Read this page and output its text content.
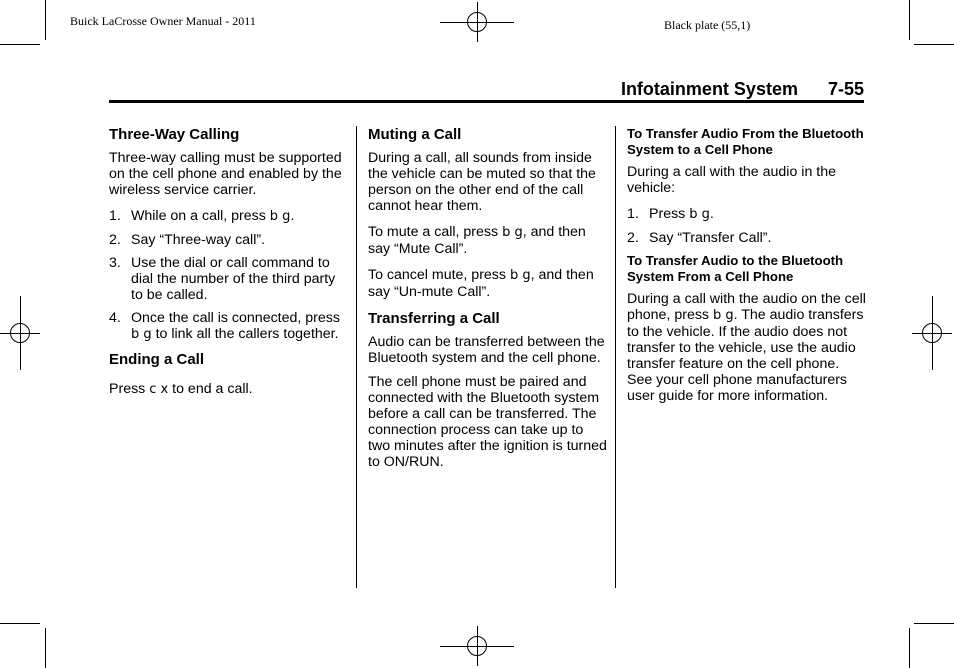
Buick LaCrosse Owner Manual - 2011	Black plate (55,1)
Infotainment System 7-55
Three-Way Calling

Three-way calling must be supported on the cell phone and enabled by the wireless service carrier.

1. While on a call, press b g.
2. Say “Three-way call”.
3. Use the dial or call command to dial the number of the third party to be called.
4. Once the call is connected, press b g to link all the callers together.
Ending a Call

Press c x to end a call.

Muting a Call

During a call, all sounds from inside the vehicle can be muted so that the person on the other end of the call cannot hear them.

To mute a call, press b g, and then say “Mute Call”.

To cancel mute, press b g, and then say “Un-mute Call”.

Transferring a Call

Audio can be transferred between the Bluetooth system and the cell phone.

The cell phone must be paired and connected with the Bluetooth system before a call can be transferred. The connection process can take up to two minutes after the ignition is turned to ON/RUN.

To Transfer Audio From the Bluetooth System to a Cell Phone

During a call with the audio in the vehicle:

1. Press b g.
2. Say “Transfer Call”.
To Transfer Audio to the Bluetooth System From a Cell Phone

During a call with the audio on the cell phone, press b g. The audio transfers to the vehicle. If the audio does not transfer to the vehicle, use the audio transfer feature on the cell phone. See your cell phone manufacturers user guide for more information.
